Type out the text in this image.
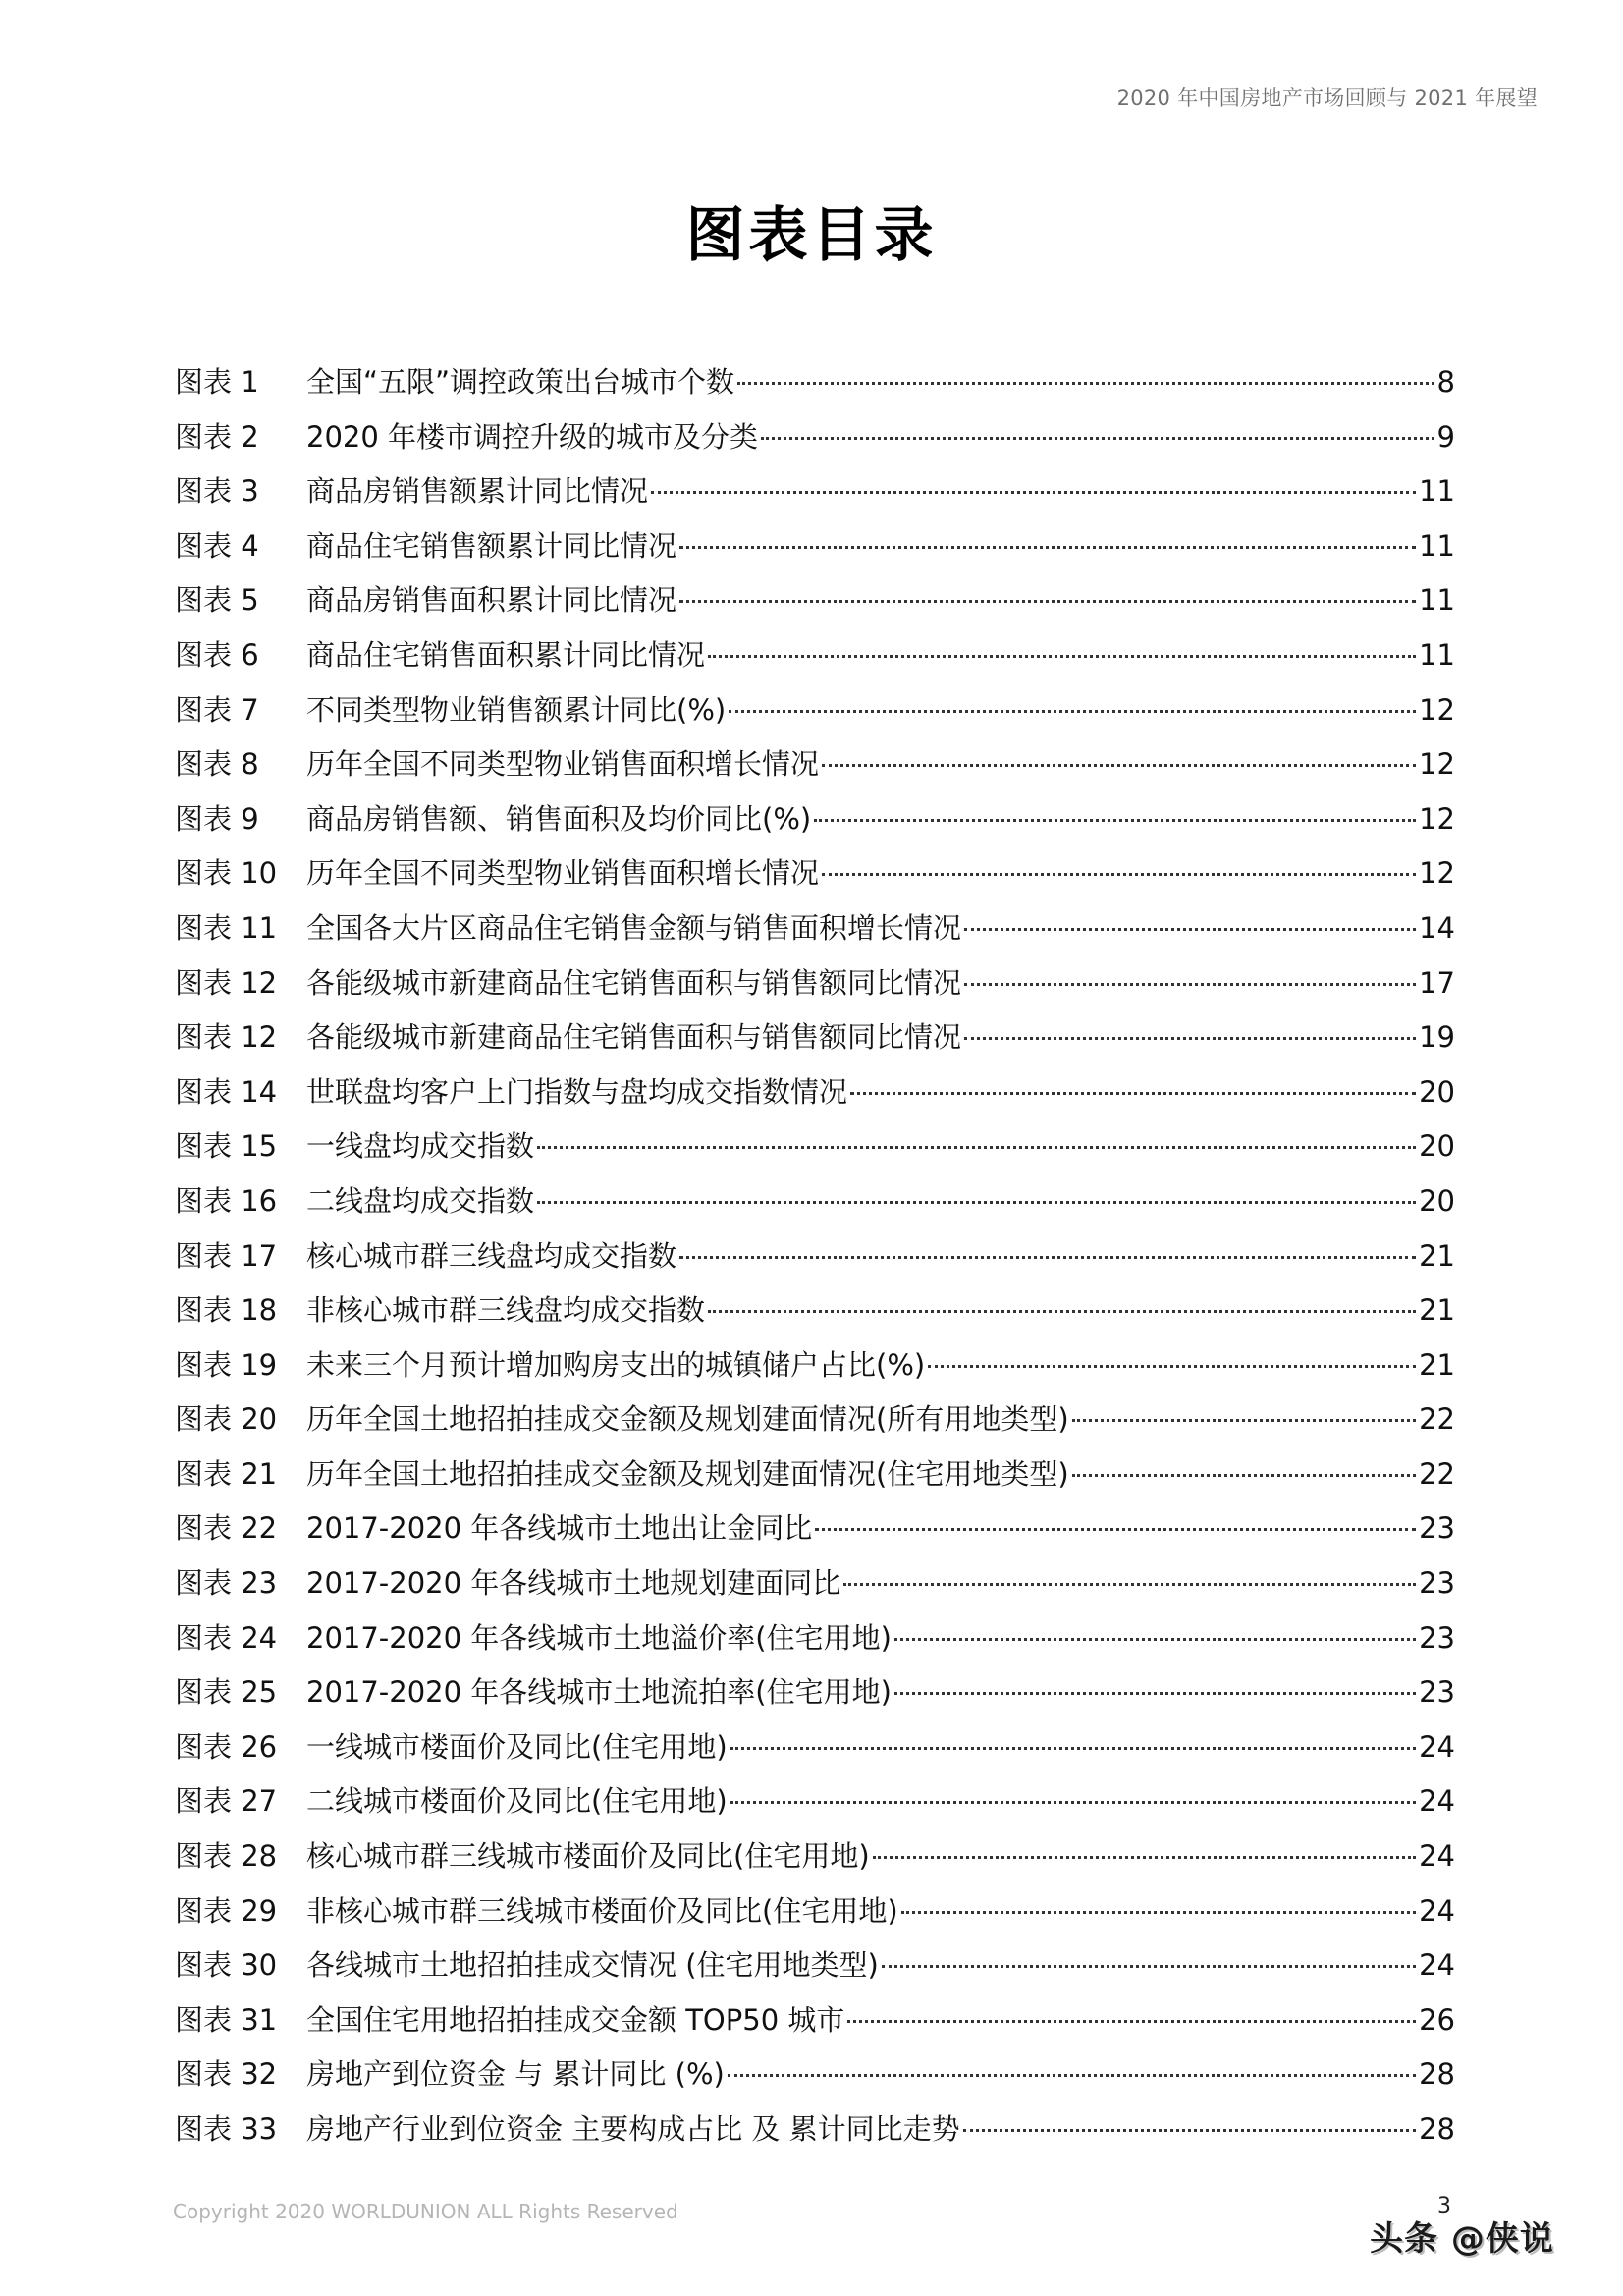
2020 年中国房地产市场回顾与 2021 年展望
图表目录
图表 1	全国“五限”调控政策出台城市个数	8
图表 2	2020 年楼市调控升级的城市及分类	9
图表 3	商品房销售额累计同比情况	11
图表 4	商品住宅销售额累计同比情况	11
图表 5	商品房销售面积累计同比情况	11
图表 6	商品住宅销售面积累计同比情况	11
图表 7	不同类型物业销售额累计同比(%)	12
图表 8	历年全国不同类型物业销售面积增长情况	12
图表 9	商品房销售额、销售面积及均价同比(%)	12
图表 10	历年全国不同类型物业销售面积增长情况	12
图表 11	全国各大片区商品住宅销售金额与销售面积增长情况	14
图表 12	各能级城市新建商品住宅销售面积与销售额同比情况	17
图表 12	各能级城市新建商品住宅销售面积与销售额同比情况	19
图表 14	世联盘均客户上门指数与盘均成交指数情况	20
图表 15	一线盘均成交指数	20
图表 16	二线盘均成交指数	20
图表 17	核心城市群三线盘均成交指数	21
图表 18	非核心城市群三线盘均成交指数	21
图表 19	未来三个月预计增加购房支出的城镇储户占比(%)	21
图表 20	历年全国土地招拍挂成交金额及规划建面情况(所有用地类型)	22
图表 21	历年全国土地招拍挂成交金额及规划建面情况(住宅用地类型)	22
图表 22	2017-2020 年各线城市土地出让金同比	23
图表 23	2017-2020 年各线城市土地规划建面同比	23
图表 24	2017-2020 年各线城市土地溢价率(住宅用地)	23
图表 25	2017-2020 年各线城市土地流拍率(住宅用地)	23
图表 26	一线城市楼面价及同比(住宅用地)	24
图表 27	二线城市楼面价及同比(住宅用地)	24
图表 28	核心城市群三线城市楼面价及同比(住宅用地)	24
图表 29	非核心城市群三线城市楼面价及同比(住宅用地)	24
图表 30	各线城市土地招拍挂成交情况 (住宅用地类型)	24
图表 31	全国住宅用地招拍挂成交金额 TOP50 城市	26
图表 32	房地产到位资金 与 累计同比 (%)	28
图表 33	房地产行业到位资金 主要构成占比 及 累计同比走势	28
Copyright 2020 WORLDUNION ALL Rights Reserved	3
头条 @侠说
